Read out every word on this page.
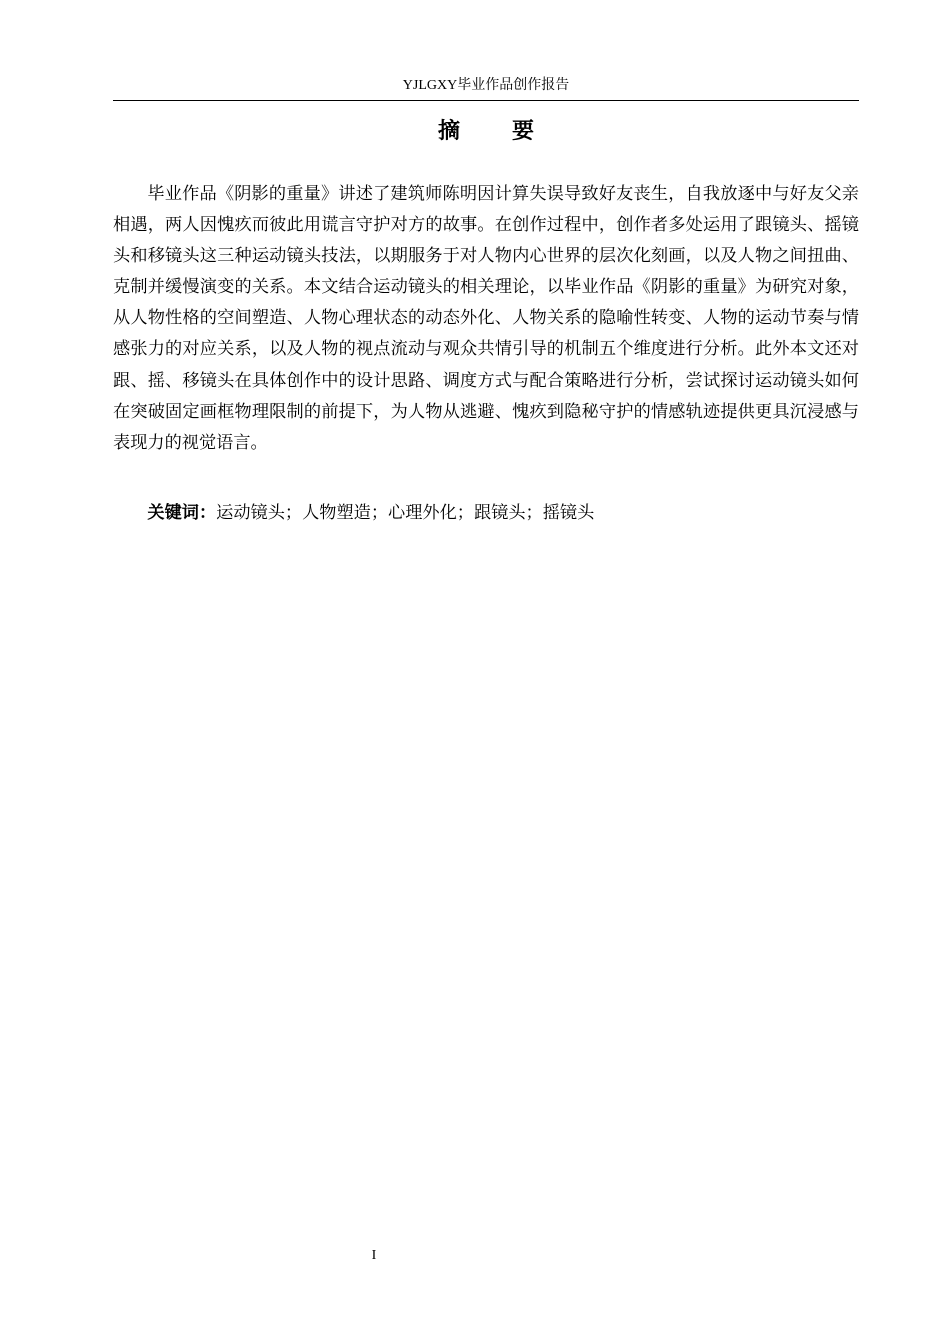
YJLGXY毕业作品创作报告
摘要

毕业作品《阴影的重量》讲述了建筑师陈明因计算失误导致好友丧生，自我放逐中与好友父亲相遇，两人因愧疚而彼此用谎言守护对方的故事。在创作过程中，创作者多处运用了跟镜头、摇镜头和移镜头这三种运动镜头技法，以期服务于对人物内心世界的层次化刻画，以及人物之间扭曲、克制并缓慢演变的关系。本文结合运动镜头的相关理论，以毕业作品《阴影的重量》为研究对象，从人物性格的空间塑造、人物心理状态的动态外化、人物关系的隐喻性转变、人物的运动节奏与情感张力的对应关系，以及人物的视点流动与观众共情引导的机制五个维度进行分析。此外本文还对跟、摇、移镜头在具体创作中的设计思路、调度方式与配合策略进行分析，尝试探讨运动镜头如何在突破固定画框物理限制的前提下，为人物从逃避、愧疚到隐秘守护的情感轨迹提供更具沉浸感与表现力的视觉语言。

关键词：运动镜头；人物塑造；心理外化；跟镜头；摇镜头

I
